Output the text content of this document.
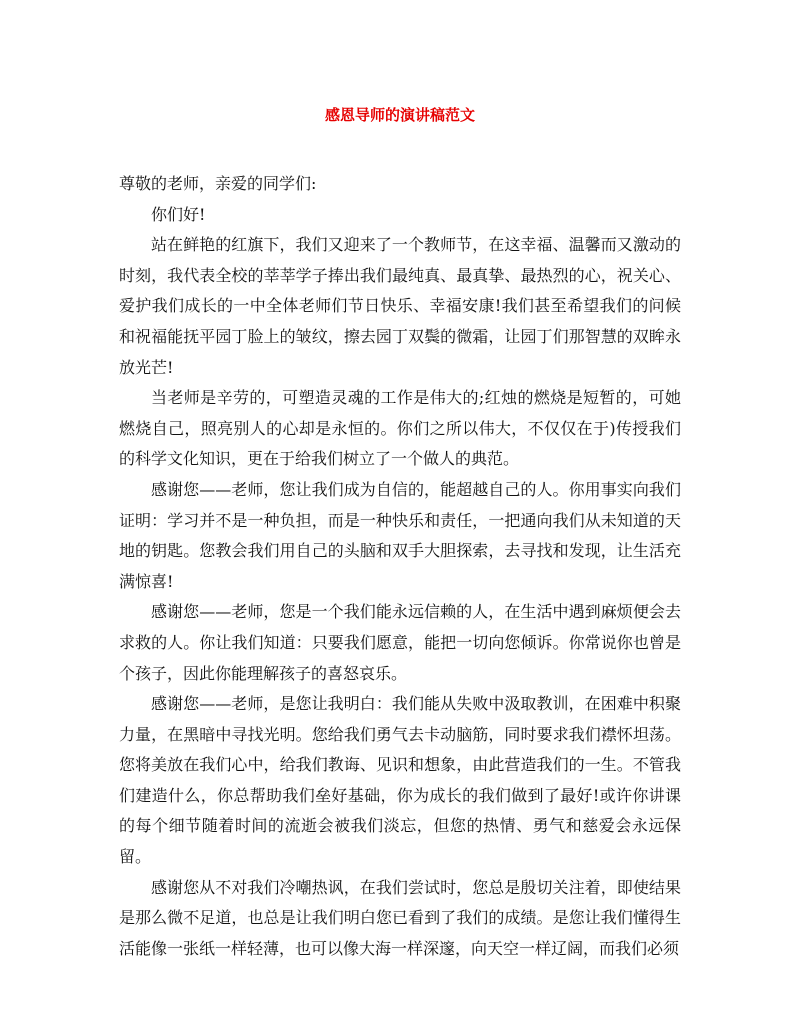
感恩导师的演讲稿范文

尊敬的老师，亲爱的同学们:

你们好!

站在鲜艳的红旗下，我们又迎来了一个教师节，在这幸福、温馨而又激动的时刻，我代表全校的莘莘学子捧出我们最纯真、最真挚、最热烈的心，祝关心、爱护我们成长的一中全体老师们节日快乐、幸福安康!我们甚至希望我们的问候和祝福能抚平园丁脸上的皱纹，擦去园丁双鬓的微霜，让园丁们那智慧的双眸永放光芒!

当老师是辛劳的，可塑造灵魂的工作是伟大的;红烛的燃烧是短暂的，可她燃烧自己，照亮别人的心却是永恒的。你们之所以伟大，不仅仅在于)传授我们的科学文化知识，更在于给我们树立了一个做人的典范。

感谢您——老师，您让我们成为自信的，能超越自己的人。你用事实向我们证明：学习并不是一种负担，而是一种快乐和责任，一把通向我们从未知道的天地的钥匙。您教会我们用自己的头脑和双手大胆探索，去寻找和发现，让生活充满惊喜!

感谢您——老师，您是一个我们能永远信赖的人，在生活中遇到麻烦便会去求救的人。你让我们知道：只要我们愿意，能把一切向您倾诉。你常说你也曾是个孩子，因此你能理解孩子的喜怒哀乐。

感谢您——老师，是您让我明白：我们能从失败中汲取教训，在困难中积聚力量，在黑暗中寻找光明。您给我们勇气去卡动脑筋，同时要求我们襟怀坦荡。您将美放在我们心中，给我们教诲、见识和想象，由此营造我们的一生。不管我们建造什么，你总帮助我们垒好基础，你为成长的我们做到了最好!或许你讲课的每个细节随着时间的流逝会被我们淡忘，但您的热情、勇气和慈爱会永远保留。

感谢您从不对我们冷嘲热讽，在我们尝试时，您总是殷切关注着，即使结果是那么微不足道，也总是让我们明白您已看到了我们的成绩。是您让我们懂得生活能像一张纸一样轻薄，也可以像大海一样深邃，向天空一样辽阔，而我们必须
